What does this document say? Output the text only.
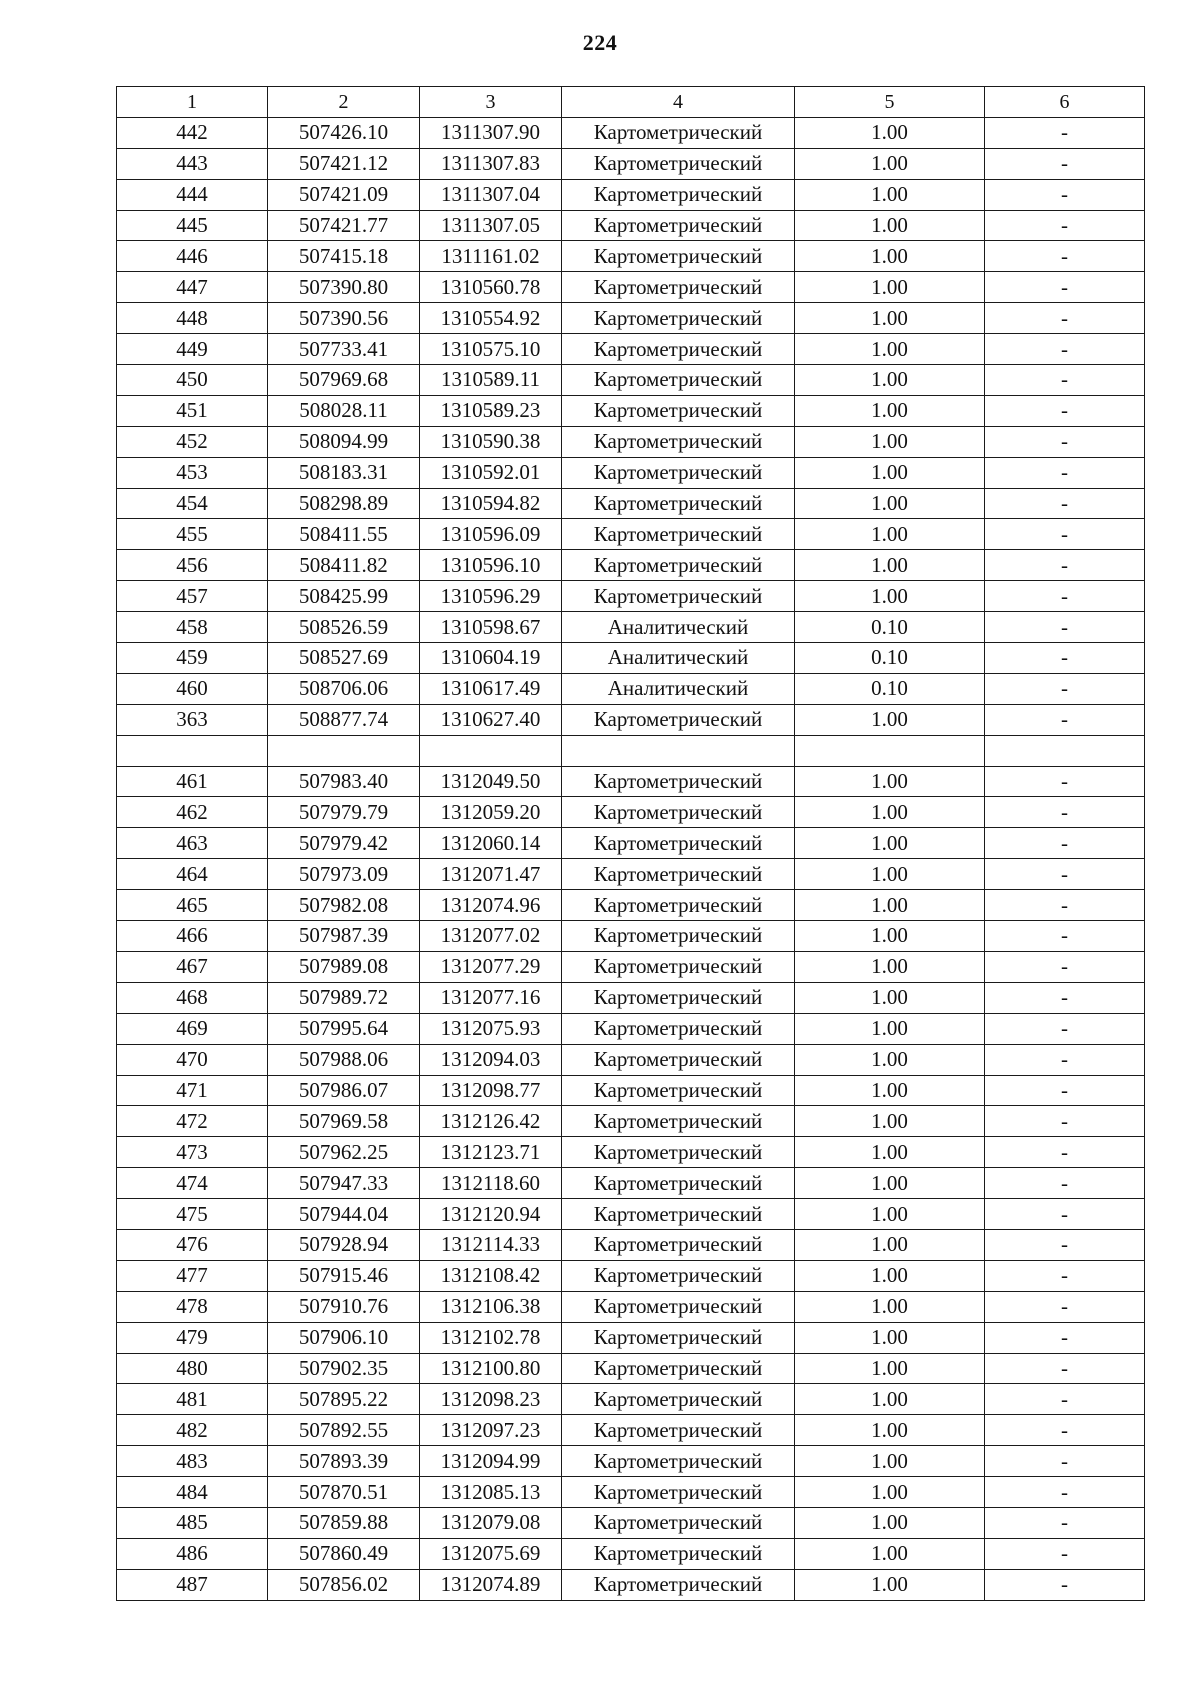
224
1	2	3	4	5	6
442	507426.10	1311307.90	Картометрический	1.00	-
443	507421.12	1311307.83	Картометрический	1.00	-
444	507421.09	1311307.04	Картометрический	1.00	-
445	507421.77	1311307.05	Картометрический	1.00	-
446	507415.18	1311161.02	Картометрический	1.00	-
447	507390.80	1310560.78	Картометрический	1.00	-
448	507390.56	1310554.92	Картометрический	1.00	-
449	507733.41	1310575.10	Картометрический	1.00	-
450	507969.68	1310589.11	Картометрический	1.00	-
451	508028.11	1310589.23	Картометрический	1.00	-
452	508094.99	1310590.38	Картометрический	1.00	-
453	508183.31	1310592.01	Картометрический	1.00	-
454	508298.89	1310594.82	Картометрический	1.00	-
455	508411.55	1310596.09	Картометрический	1.00	-
456	508411.82	1310596.10	Картометрический	1.00	-
457	508425.99	1310596.29	Картометрический	1.00	-
458	508526.59	1310598.67	Аналитический	0.10	-
459	508527.69	1310604.19	Аналитический	0.10	-
460	508706.06	1310617.49	Аналитический	0.10	-
363	508877.74	1310627.40	Картометрический	1.00	-

461	507983.40	1312049.50	Картометрический	1.00	-
462	507979.79	1312059.20	Картометрический	1.00	-
463	507979.42	1312060.14	Картометрический	1.00	-
464	507973.09	1312071.47	Картометрический	1.00	-
465	507982.08	1312074.96	Картометрический	1.00	-
466	507987.39	1312077.02	Картометрический	1.00	-
467	507989.08	1312077.29	Картометрический	1.00	-
468	507989.72	1312077.16	Картометрический	1.00	-
469	507995.64	1312075.93	Картометрический	1.00	-
470	507988.06	1312094.03	Картометрический	1.00	-
471	507986.07	1312098.77	Картометрический	1.00	-
472	507969.58	1312126.42	Картометрический	1.00	-
473	507962.25	1312123.71	Картометрический	1.00	-
474	507947.33	1312118.60	Картометрический	1.00	-
475	507944.04	1312120.94	Картометрический	1.00	-
476	507928.94	1312114.33	Картометрический	1.00	-
477	507915.46	1312108.42	Картометрический	1.00	-
478	507910.76	1312106.38	Картометрический	1.00	-
479	507906.10	1312102.78	Картометрический	1.00	-
480	507902.35	1312100.80	Картометрический	1.00	-
481	507895.22	1312098.23	Картометрический	1.00	-
482	507892.55	1312097.23	Картометрический	1.00	-
483	507893.39	1312094.99	Картометрический	1.00	-
484	507870.51	1312085.13	Картометрический	1.00	-
485	507859.88	1312079.08	Картометрический	1.00	-
486	507860.49	1312075.69	Картометрический	1.00	-
487	507856.02	1312074.89	Картометрический	1.00	-
